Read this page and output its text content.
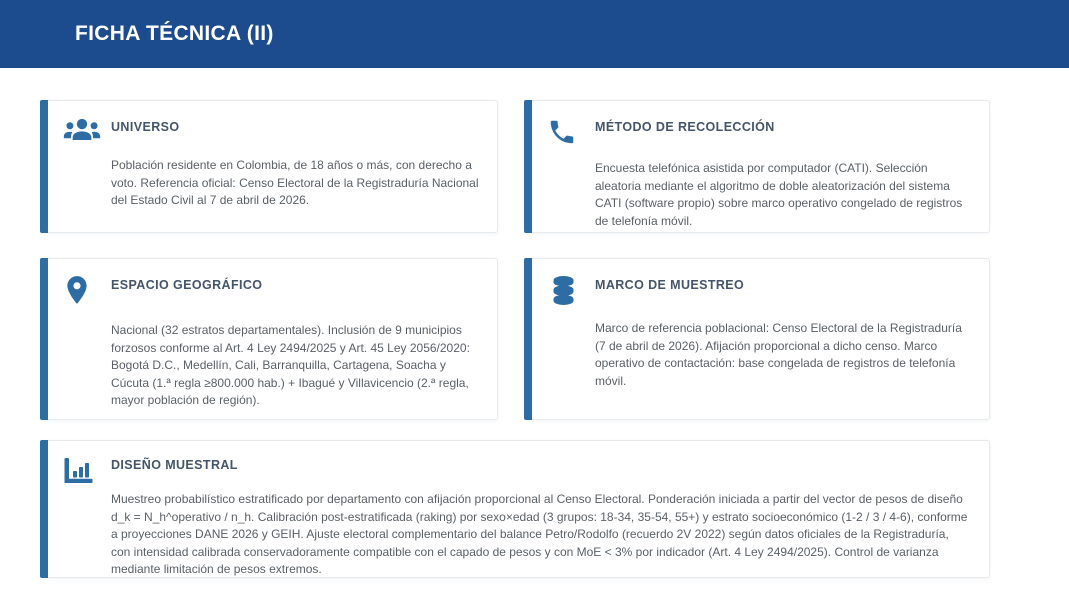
FICHA TÉCNICA (II)
UNIVERSO

Población residente en Colombia, de 18 años o más, con derecho a voto. Referencia oficial: Censo Electoral de la Registraduría Nacional del Estado Civil al 7 de abril de 2026.

MÉTODO DE RECOLECCIÓN

Encuesta telefónica asistida por computador (CATI). Selección aleatoria mediante el algoritmo de doble aleatorización del sistema CATI (software propio) sobre marco operativo congelado de registros de telefonía móvil.

ESPACIO GEOGRÁFICO

Nacional (32 estratos departamentales). Inclusión de 9 municipios forzosos conforme al Art. 4 Ley 2494/2025 y Art. 45 Ley 2056/2020: Bogotá D.C., Medellín, Cali, Barranquilla, Cartagena, Soacha y Cúcuta (1.ª regla ≥800.000 hab.) + Ibagué y Villavicencio (2.ª regla, mayor población de región).

MARCO DE MUESTREO

Marco de referencia poblacional: Censo Electoral de la Registraduría (7 de abril de 2026). Afijación proporcional a dicho censo. Marco operativo de contactación: base congelada de registros de telefonía móvil.

DISEÑO MUESTRAL

Muestreo probabilístico estratificado por departamento con afijación proporcional al Censo Electoral. Ponderación iniciada a partir del vector de pesos de diseño d_k = N_h^operativo / n_h. Calibración post-estratificada (raking) por sexo×edad (3 grupos: 18-34, 35-54, 55+) y estrato socioeconómico (1-2 / 3 / 4-6), conforme a proyecciones DANE 2026 y GEIH. Ajuste electoral complementario del balance Petro/Rodolfo (recuerdo 2V 2022) según datos oficiales de la Registraduría, con intensidad calibrada conservadoramente compatible con el capado de pesos y con MoE < 3% por indicador (Art. 4 Ley 2494/2025). Control de varianza mediante limitación de pesos extremos.
